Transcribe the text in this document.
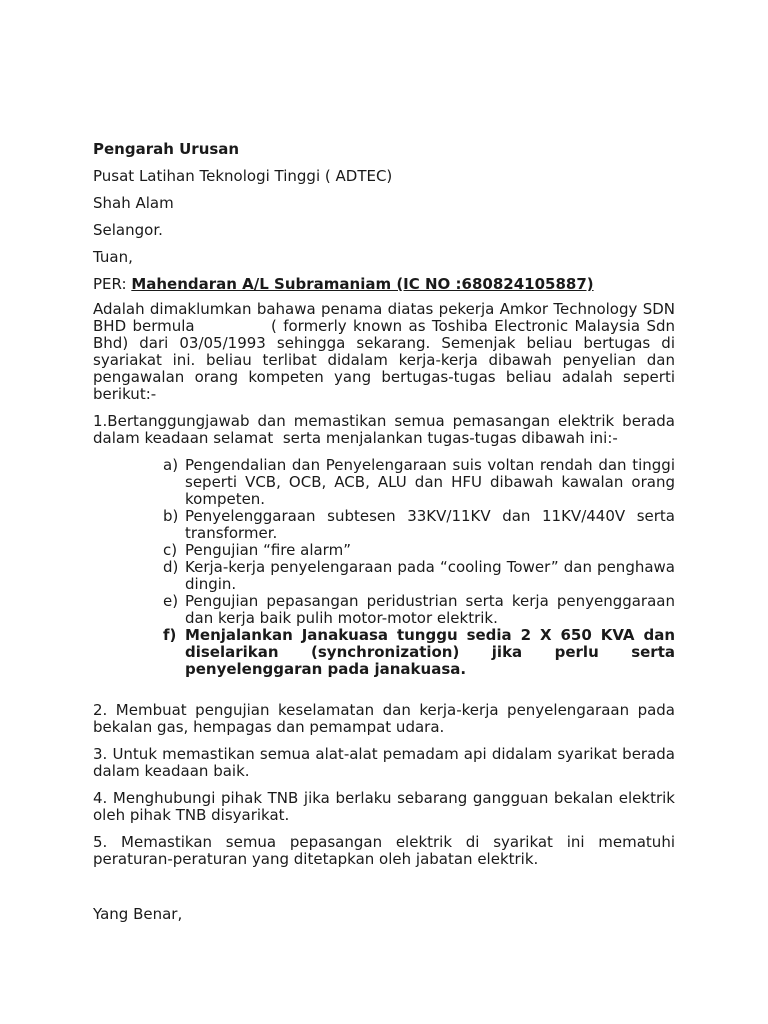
Pengarah Urusan

Pusat Latihan Teknologi Tinggi ( ADTEC)

Shah Alam

Selangor.

Tuan,

PER: Mahendaran A/L Subramaniam (IC NO :680824105887)

Adalah dimaklumkan bahawa penama diatas pekerja Amkor Technology SDN BHD bermula            ( formerly known as Toshiba Electronic Malaysia Sdn Bhd) dari 03/05/1993 sehingga sekarang. Semenjak beliau bertugas di syariakat ini. beliau terlibat didalam kerja-kerja dibawah penyelian dan pengawalan orang kompeten yang bertugas-tugas beliau adalah seperti berikut:-

1.Bertanggungjawab dan memastikan semua pemasangan elektrik berada dalam keadaan selamat  serta menjalankan tugas-tugas dibawah ini:-

a) Pengendalian dan Penyelengaraan suis voltan rendah dan tinggi seperti VCB, OCB, ACB, ALU dan HFU dibawah kawalan orang kompeten.
b) Penyelenggaraan subtesen 33KV/11KV dan 11KV/440V serta transformer.
c) Pengujian “fire alarm”
d) Kerja-kerja penyelengaraan pada “cooling Tower” dan penghawa dingin.
e) Pengujian pepasangan peridustrian serta kerja penyenggaraan dan kerja baik pulih motor-motor elektrik.
f) Menjalankan Janakuasa tunggu sedia 2 X 650 KVA dan diselarikan (synchronization) jika perlu serta penyelenggaran pada janakuasa.

2. Membuat pengujian keselamatan dan kerja-kerja penyelengaraan pada bekalan gas, hempagas dan pemampat udara.

3. Untuk memastikan semua alat-alat pemadam api didalam syarikat berada dalam keadaan baik.

4. Menghubungi pihak TNB jika berlaku sebarang gangguan bekalan elektrik oleh pihak TNB disyarikat.

5. Memastikan semua pepasangan elektrik di syarikat ini mematuhi peraturan-peraturan yang ditetapkan oleh jabatan elektrik.

Yang Benar,
